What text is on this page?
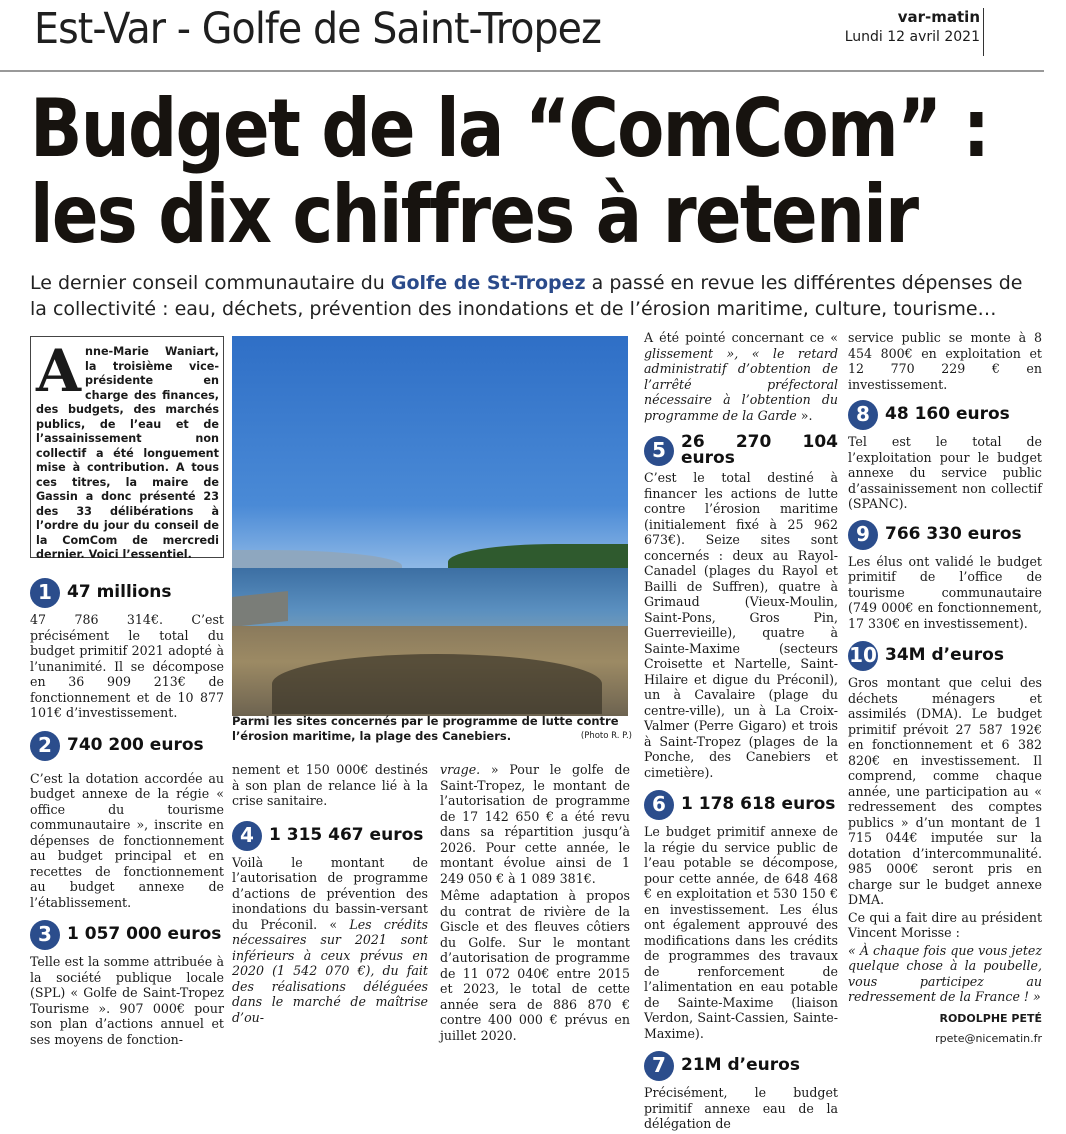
Est-Var - Golfe de Saint-Tropez	var-matin
Lundi 12 avril 2021
Budget de la “ComCom” :
les dix chiffres à retenir
Le dernier conseil communautaire du Golfe de St-Tropez a passé en revue les différentes dépenses de la collectivité : eau, déchets, prévention des inondations et de l’érosion maritime, culture, tourisme…
A nne-Marie Waniart, la troisième vice-présidente en charge des finances, des budgets, des marchés publics, de l’eau et de l’assainissement non collectif a été longuement mise à contribution. A tous ces titres, la maire de Gassin a donc présenté 23 des 33 délibérations à l’ordre du jour du conseil de la ComCom de mercredi dernier. Voici l’essentiel.
1 47 millions

47 786 314€. C’est précisément le total du budget primitif 2021 adopté à l’unanimité. Il se décompose en 36 909 213€ de fonctionnement et de 10 877 101€ d’investissement.

2 740 200 euros

C’est la dotation accordée au budget annexe de la régie « office du tourisme communautaire », inscrite en dépenses de fonctionnement au budget principal et en recettes de fonctionnement au budget annexe de l’établissement.

3 1 057 000 euros

Telle est la somme attribuée à la société publique locale (SPL) « Golfe de Saint-Tropez Tourisme ». 907 000€ pour son plan d’actions annuel et ses moyens de fonction-

Parmi les sites concernés par le programme de lutte contre l’érosion maritime, la plage des Canebiers.	(Photo R. P.)

nement et 150 000€ destinés à son plan de relance lié à la crise sanitaire.

4 1 315 467 euros

Voilà le montant de l’autorisation de programme d’actions de prévention des inondations du bassin-versant du Préconil. « Les crédits nécessaires sur 2021 sont inférieurs à ceux prévus en 2020 (1 542 070 €), du fait des réalisations déléguées dans le marché de maîtrise d’ou-

vrage. » Pour le golfe de Saint-Tropez, le montant de l’autorisation de programme de 17 142 650 € a été revu dans sa répartition jusqu’à 2026. Pour cette année, le montant évolue ainsi de 1 249 050 € à 1 089 381€.

Même adaptation à propos du contrat de rivière de la Giscle et des fleuves côtiers du Golfe. Sur le montant d’autorisation de programme de 11 072 040€ entre 2015 et 2023, le total de cette année sera de 886 870 € contre 400 000 € prévus en juillet 2020.

A été pointé concernant ce « glissement », « le retard administratif d’obtention de l’arrêté préfectoral nécessaire à l’obtention du programme de la Garde ».

5 26 270 104 euros

C’est le total destiné à financer les actions de lutte contre l’érosion maritime (initialement fixé à 25 962 673€). Seize sites sont concernés : deux au Rayol-Canadel (plages du Rayol et Bailli de Suffren), quatre à Grimaud (Vieux-Moulin, Saint-Pons, Gros Pin, Guerrevieille), quatre à Sainte-Maxime (secteurs Croisette et Nartelle, Saint-Hilaire et digue du Préconil), un à Cavalaire (plage du centre-ville), un à La Croix-Valmer (Perre Gigaro) et trois à Saint-Tropez (plages de la Ponche, des Canebiers et cimetière).

6 1 178 618 euros

Le budget primitif annexe de la régie du service public de l’eau potable se décompose, pour cette année, de 648 468 € en exploitation et 530 150 € en investissement. Les élus ont également approuvé des modifications dans les crédits de programmes des travaux de renforcement de l’alimentation en eau potable de Sainte-Maxime (liaison Verdon, Saint-Cassien, Sainte-Maxime).

7 21M d’euros

Précisément, le budget primitif annexe eau de la délégation de

service public se monte à 8 454 800€ en exploitation et 12 770 229 € en investissement.

8 48 160 euros

Tel est le total de l’exploitation pour le budget annexe du service public d’assainissement non collectif (SPANC).

9 766 330 euros

Les élus ont validé le budget primitif de l’office de tourisme communautaire (749 000€ en fonctionnement, 17 330€ en investissement).

10 34M d’euros

Gros montant que celui des déchets ménagers et assimilés (DMA). Le budget primitif prévoit 27 587 192€ en fonctionnement et 6 382 820€ en investissement. Il comprend, comme chaque année, une participation au « redressement des comptes publics » d’un montant de 1 715 044€ imputée sur la dotation d’intercommunalité. 985 000€ seront pris en charge sur le budget annexe DMA.

Ce qui a fait dire au président Vincent Morisse :

« À chaque fois que vous jetez quelque chose à la poubelle, vous participez au redressement de la France ! »

RODOLPHE PETÉ
rpete@nicematin.fr
